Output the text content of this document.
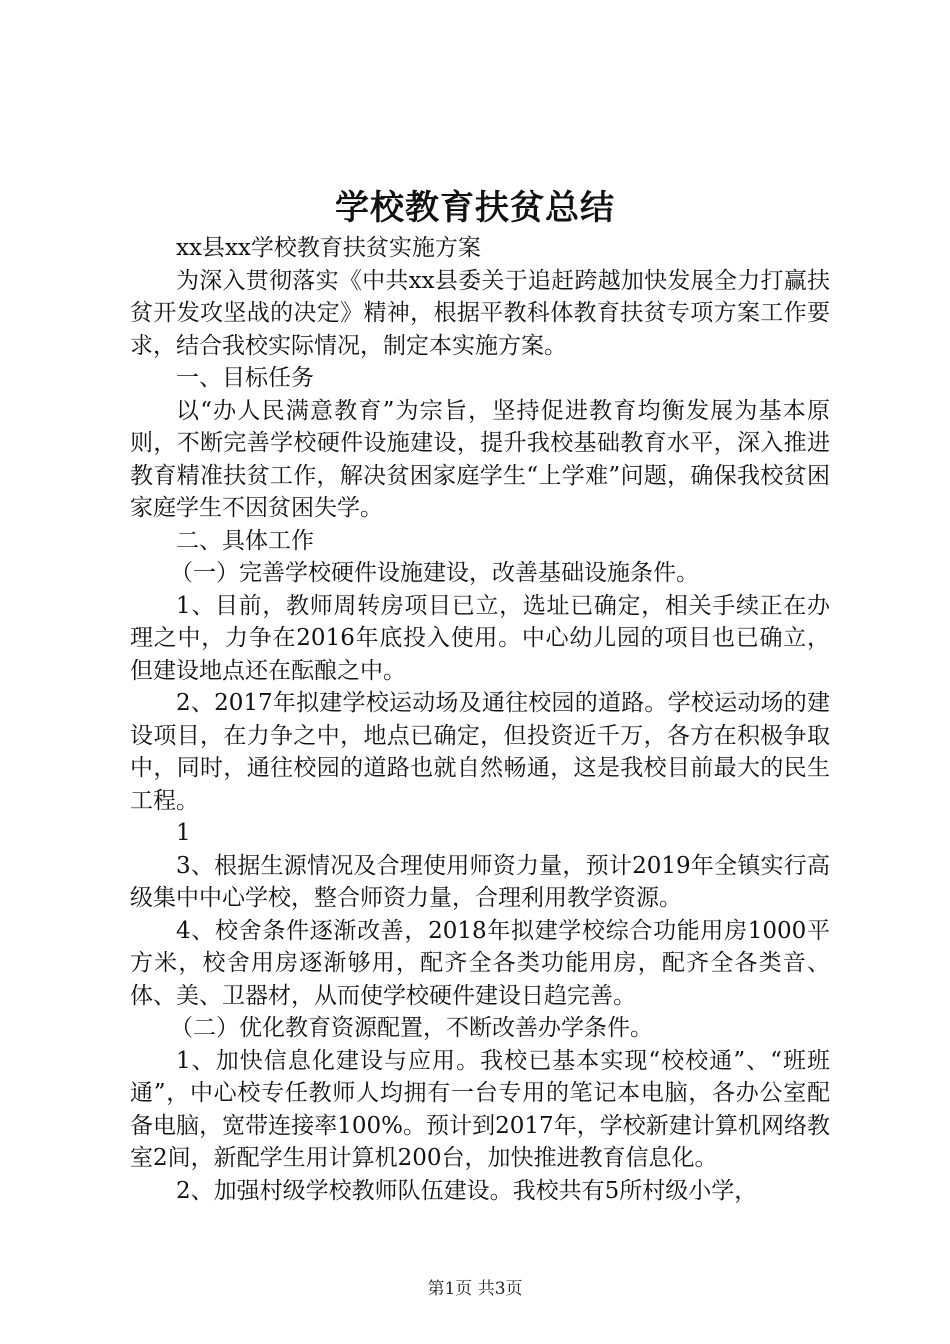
学校教育扶贫总结

xx县xx学校教育扶贫实施方案

为深入贯彻落实《中共xx县委关于追赶跨越加快发展全力打赢扶贫开发攻坚战的决定》精神，根据平教科体教育扶贫专项方案工作要求，结合我校实际情况，制定本实施方案。

一、目标任务

以“办人民满意教育”为宗旨，坚持促进教育均衡发展为基本原则，不断完善学校硬件设施建设，提升我校基础教育水平，深入推进教育精准扶贫工作，解决贫困家庭学生“上学难”问题，确保我校贫困家庭学生不因贫困失学。

二、具体工作

（一）完善学校硬件设施建设，改善基础设施条件。

1、目前，教师周转房项目已立，选址已确定，相关手续正在办理之中，力争在2016年底投入使用。中心幼儿园的项目也已确立，但建设地点还在酝酿之中。

2、2017年拟建学校运动场及通往校园的道路。学校运动场的建设项目，在力争之中，地点已确定，但投资近千万，各方在积极争取中，同时，通往校园的道路也就自然畅通，这是我校目前最大的民生工程。

1

3、根据生源情况及合理使用师资力量，预计2019年全镇实行高级集中中心学校，整合师资力量，合理利用教学资源。

4、校舍条件逐渐改善，2018年拟建学校综合功能用房1000平方米，校舍用房逐渐够用，配齐全各类功能用房，配齐全各类音、体、美、卫器材，从而使学校硬件建设日趋完善。

（二）优化教育资源配置，不断改善办学条件。

1、加快信息化建设与应用。我校已基本实现“校校通”、“班班通”，中心校专任教师人均拥有一台专用的笔记本电脑，各办公室配备电脑，宽带连接率100%。预计到2017年，学校新建计算机网络教室2间，新配学生用计算机200台，加快推进教育信息化。

2、加强村级学校教师队伍建设。我校共有5所村级小学，

第1页 共3页
